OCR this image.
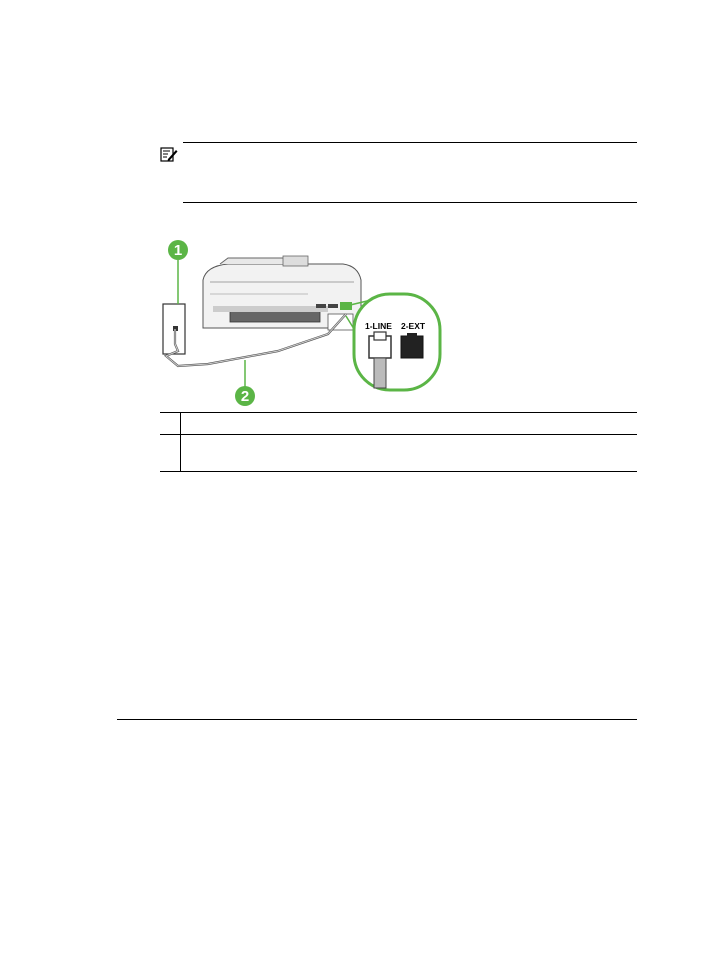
1
2
1-LINE 2-EXT
